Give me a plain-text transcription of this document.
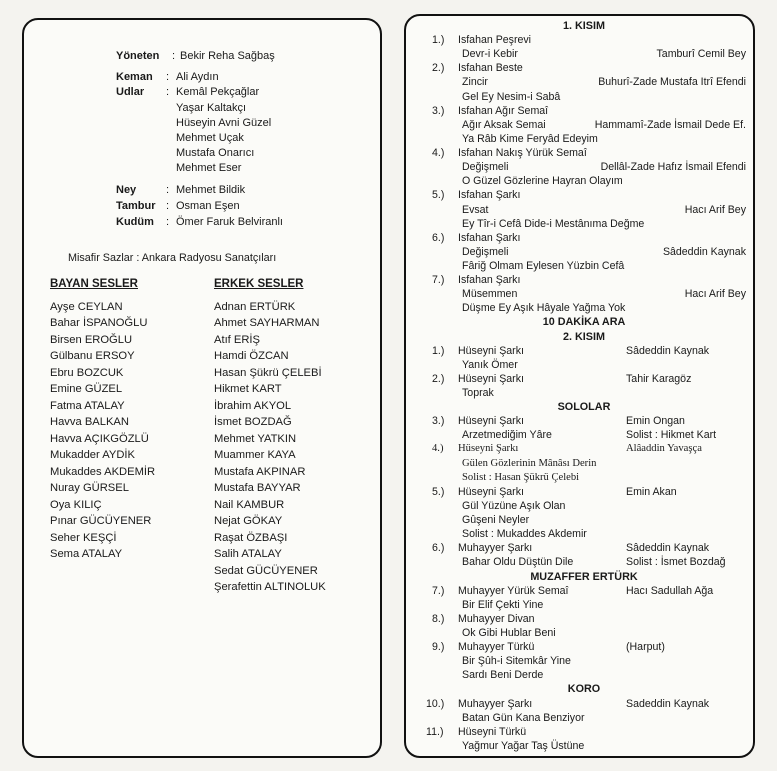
Yöneten : Bekir Reha Sağbaş
Keman : Ali Aydın
Udlar : Kemâl Pekçağlar
Yaşar Kaltakçı
Hüseyin Avni Güzel
Mehmet Uçak
Mustafa Onarıcı
Mehmet Eser
Ney	: Mehmet Bildik
Tambur : Osman Eşen
Kudüm : Ömer Faruk Belviranlı
Misafir Sazlar : Ankara Radyosu Sanatçıları
BAYAN SESLER
Ayşe CEYLAN
Bahar İSPANOĞLU
Birsen EROĞLU
Gülbanu ERSOY
Ebru BOZCUK
Emine GÜZEL
Fatma ATALAY
Havva BALKAN
Havva AÇIKGÖZLÜ
Mukadder AYDİK
Mukaddes AKDEMİR
Nuray GÜRSEL
Oya KILIÇ
Pınar GÜCÜYENER
Seher KEŞÇİ
Sema ATALAY
ERKEK SESLER
Adnan ERTÜRK
Ahmet SAYHARMAN
Atıf ERİŞ
Hamdi ÖZCAN
Hasan Şükrü ÇELEBİ
Hikmet KART
İbrahim AKYOL
İsmet BOZDAĞ
Mehmet YATKIN
Muammer KAYA
Mustafa AKPINAR
Mustafa BAYYAR
Nail KAMBUR
Nejat GÖKAY
Raşat ÖZBAŞI
Salih ATALAY
Sedat GÜCÜYENER
Şerafettin ALTINOLUK
1. KISIM
1.) Isfahan Peşrevi
Devr-i Kebir	Tamburî Cemil Bey
2.) Isfahan Beste
Zincir	Buhurî-Zade Mustafa Itrî Efendi
Gel Ey Nesim-i Sabâ
3.) Isfahan Ağır Semaî
Ağır Aksak Semai	Hammamî-Zade İsmail Dede Ef.
Ya Râb Kime Feryâd Edeyim
4.) Isfahan Nakış Yürük Semaî
Değişmeli	Dellâl-Zade Hafız İsmail Efendi
O Güzel Gözlerine Hayran Olayım
5.) Isfahan Şarkı
Evsat	Hacı Arif Bey
Ey Tîr-i Cefâ Dide-i Mestânıma Değme
6.) Isfahan Şarkı
Değişmeli	Sâdeddin Kaynak
Fâriğ Olmam Eylesen Yüzbin Cefâ
7.) Isfahan Şarkı
Müsemmen	Hacı Arif Bey
Düşme Ey Aşık Hâyale Yağma Yok
10 DAKİKA ARA
2. KISIM
1.) Hüseyni Şarkı	Sâdeddin Kaynak
Yanık Ömer
2.) Hüseyni Şarkı	Tahir Karagöz
Toprak
SOLOLAR
3.) Hüseyni Şarkı	Emin Ongan
Arzetmediğim Yâre	Solist : Hikmet Kart
4.) Hüseyni Şarkı	Alâaddin Yavaşça
Gülen Gözlerinin Mânâsı Derin
Solist : Hasan Şükrü Çelebi
5.) Hüseyni Şarkı	Emin Akan
Gül Yüzüne Aşık Olan
Gûşeni Neyler
Solist : Mukaddes Akdemir
6.) Muhayyer Şarkı	Sâdeddin Kaynak
Bahar Oldu Düştün Dile	Solist : İsmet Bozdağ
MUZAFFER ERTÜRK
7.) Muhayyer Yürük Semaî	Hacı Sadullah Ağa
Bir Elif Çekti Yine
8.) Muhayyer Divan
Ok Gibi Hublar Beni
9.) Muhayyer Türkü	(Harput)
Bir Şûh-i Sitemkâr Yine
Sardı Beni Derde
KORO
10.) Muhayyer Şarkı	Sadeddin Kaynak
Batan Gün Kana Benziyor
11.) Hüseyni Türkü
Yağmur Yağar Taş Üstüne
